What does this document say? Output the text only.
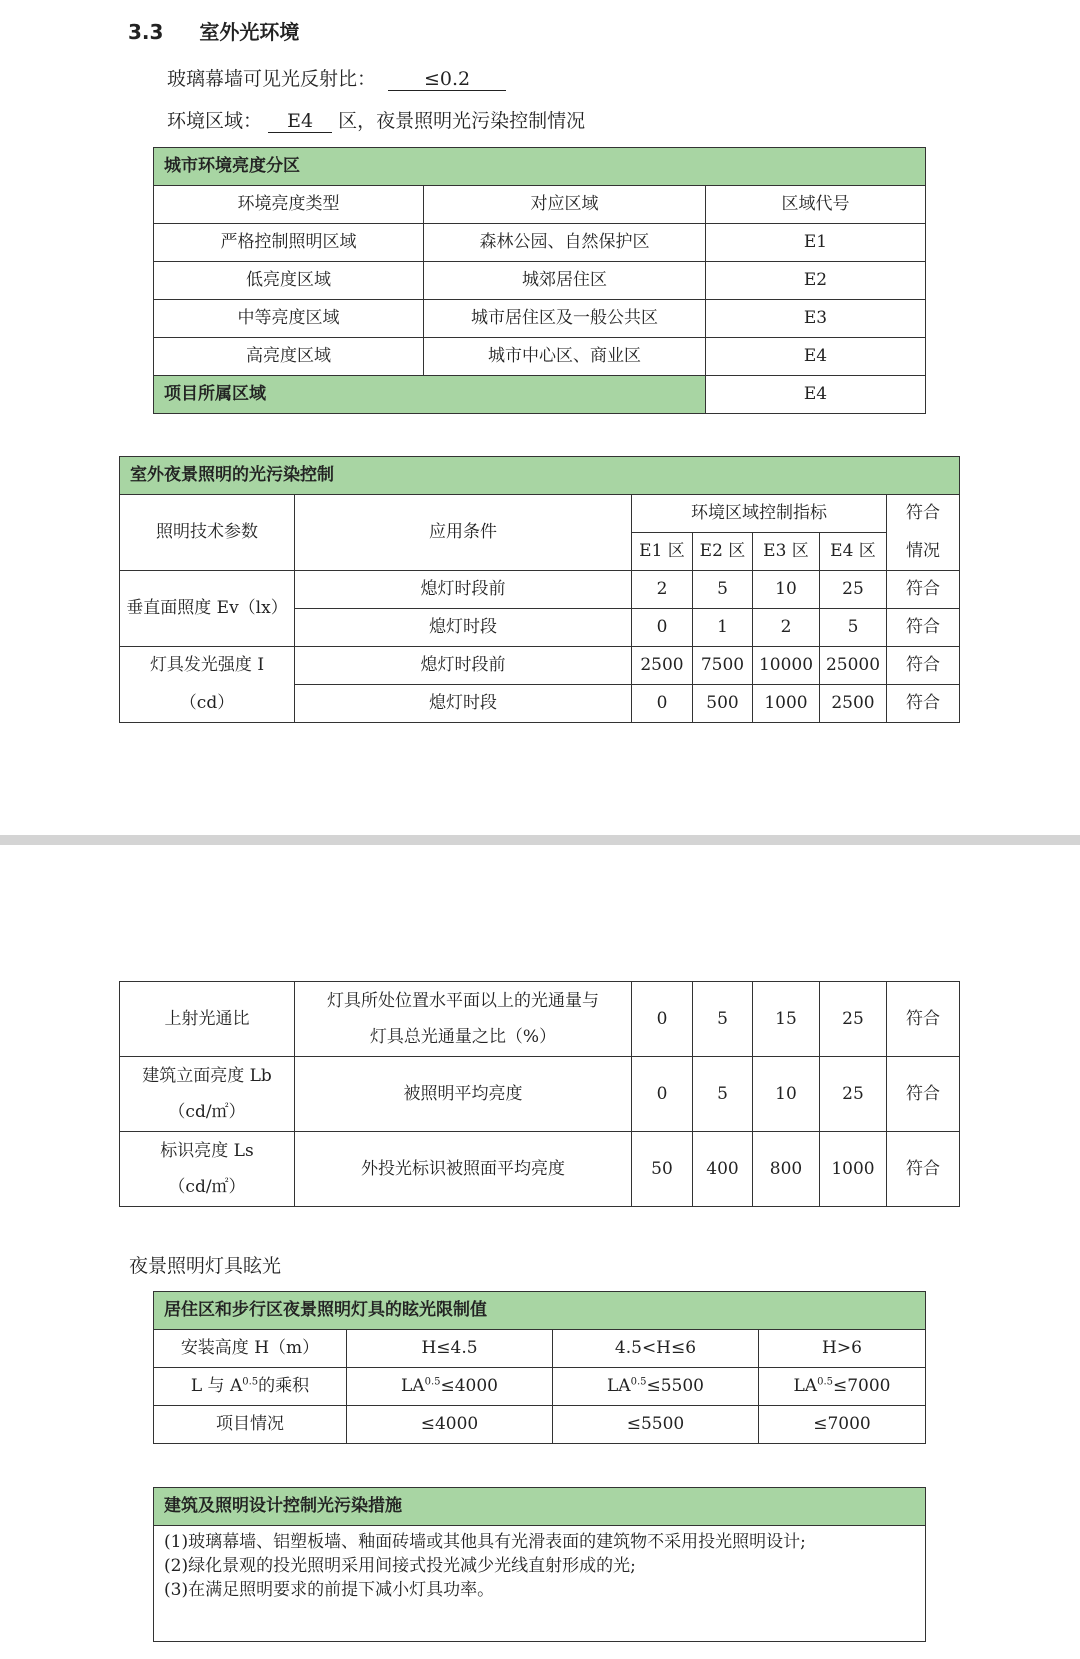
3.3 室外光环境
玻璃幕墙可见光反射比：	≤0.2
环境区域： E4 区，夜景照明光污染控制情况
城市环境亮度分区		
环境亮度类型	对应区域	区域代号
严格控制照明区域	森林公园、自然保护区	E1
低亮度区域	城郊居住区	E2
中等亮度区域	城市居住区及一般公共区	E3
高亮度区域	城市中心区、商业区	E4
项目所属区域		E4
室外夜景照明的光污染控制						
照明技术参数	应用条件	环境区域控制指标				符合
		E1 区	E2 区	E3 区	E4 区	情况
垂直面照度 Ev（lx）	熄灯时段前	2	5	10	25	符合
	熄灯时段	0	1	2	5	符合
灯具发光强度 I	熄灯时段前	2500	7500	10000	25000	符合
（cd）	熄灯时段	0	500	1000	2500	符合
上射光通比	灯具所处位置水平面以上的光通量与
灯具总光通量之比（%）	0	5	15	25	符合
建筑立面亮度 Lb
（cd/㎡）	被照明平均亮度	0	5	10	25	符合
标识亮度 Ls
（cd/㎡）	外投光标识被照面平均亮度	50	400	800	1000	符合
夜景照明灯具眩光
居住区和步行区夜景照明灯具的眩光限制值			
安装高度 H（m）	H≤4.5	4.5<H≤6	H>6
L 与 $A^{0.5}$的乘积	$LA^{0.5}\le 4000$	$LA^{0.5}\le 5500$	$LA^{0.5}\le 7000$
项目情况	≤4000	≤5500	≤7000
建筑及照明设计控制光污染措施

(1)玻璃幕墙、铝塑板墙、釉面砖墙或其他具有光滑表面的建筑物不采用投光照明设计;
(2)绿化景观的投光照明采用间接式投光减少光线直射形成的光;
(3)在满足照明要求的前提下减小灯具功率。
